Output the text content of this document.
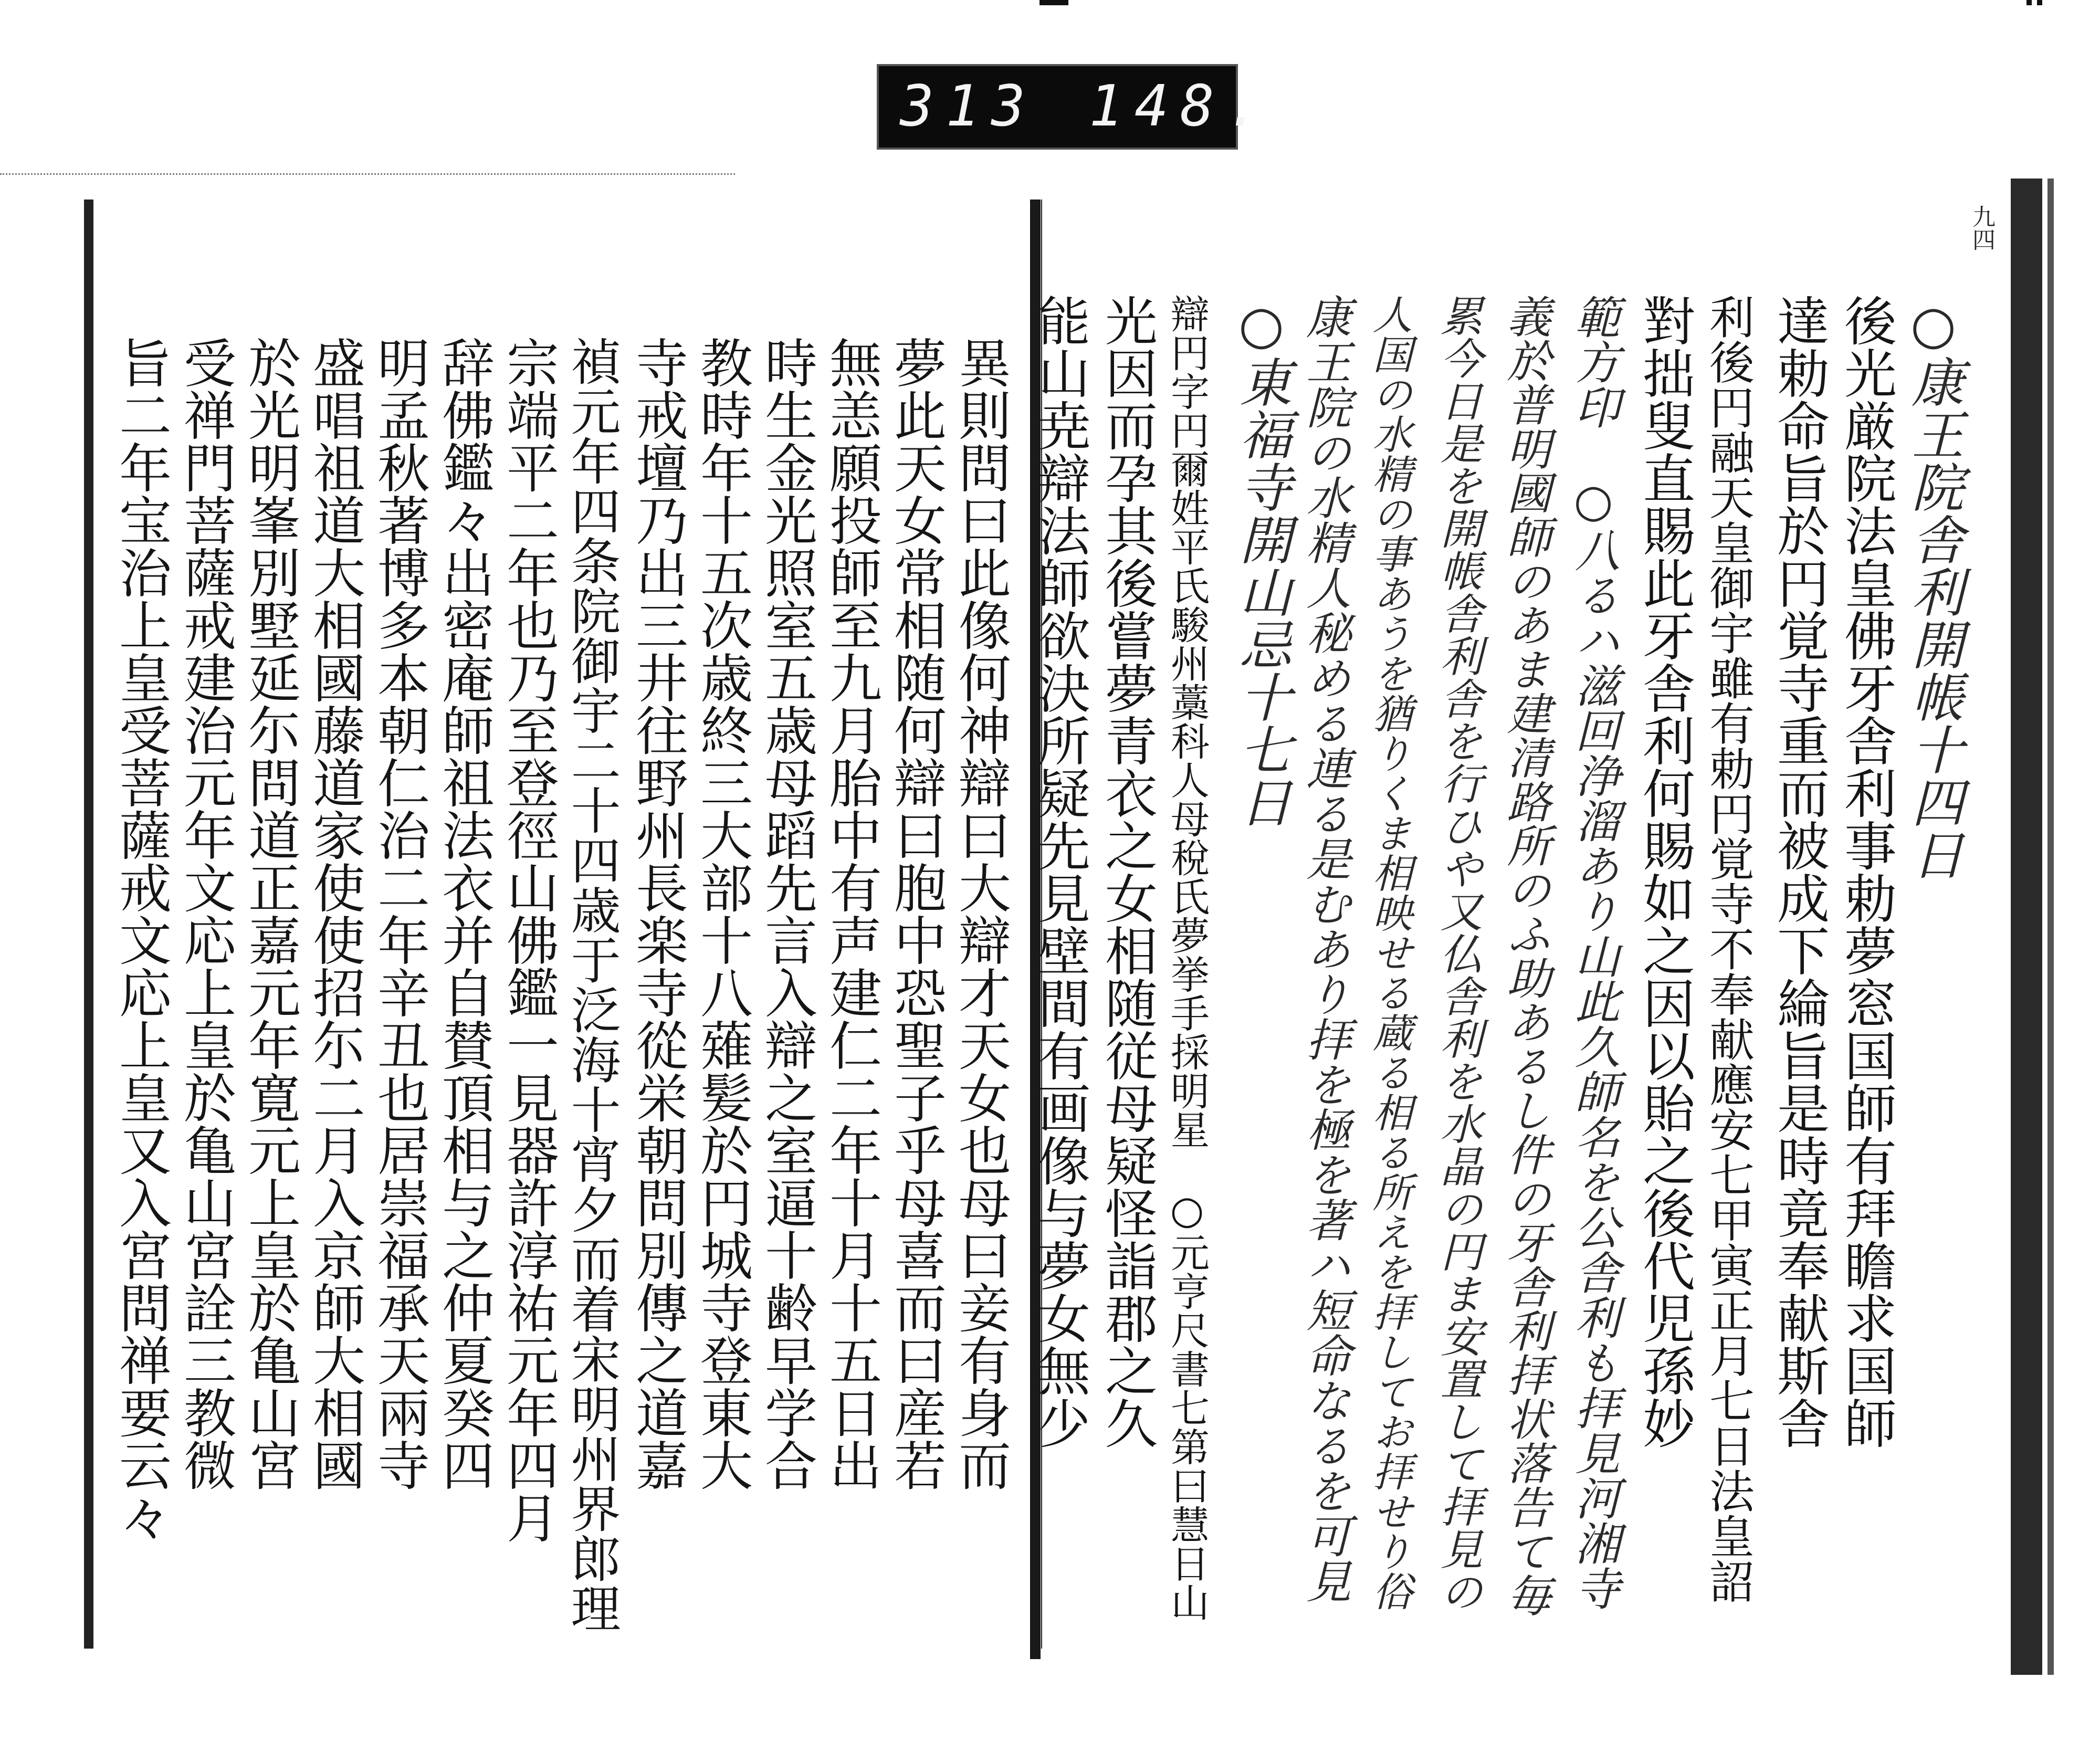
313 148.
九四
○康王院舎利開帳十四日
後光厳院法皇佛牙舎利事勅夢窓国師有拜瞻求国師
達勅命旨於円覚寺重而被成下綸旨是時竟奉献斯舎
利後円融天皇御宇雖有勅円覚寺不奉献應安七甲寅正月七日法皇詔
對拙叟直賜此牙舎利何賜如之因以貽之後代児孫妙
範方印　○八るハ滋回浄溜あり山此久師名を公舎利も拝見河湘寺
義於普明國師のあま建清路所のふ助あるし件の牙舎利拝状落告て毎
累今日是を開帳舎利舎を行ひや又仏舎利を水晶の円ま安置して拝見の
人国の水精の事あうを猶りくま相映せる蔵る相る所えを拝してお拝せり俗
康王院の水精人秘める連る是むあり拝を極を著ハ短命なるを可見
○東福寺開山忌十七日
辯円字円爾姓平氏駿州藁科人母稅氏夢挙手採明星　○元亨尺書七第曰慧日山
光因而孕其後嘗夢青衣之女相随従母疑怪詣郡之久
能山尭辯法師欲決所疑先見壁間有画像与夢女無少
異則問曰此像何神辯曰大辯才天女也母曰妾有身而
夢此天女常相随何辯曰胞中恐聖子乎母喜而曰産若
無恙願投師至九月胎中有声建仁二年十月十五日出
時生金光照室五歳母蹈先言入辯之室逼十齢早学合
教時年十五次歳終三大部十八薙髪於円城寺登東大
寺戒壇乃出三井往野州長楽寺從栄朝問別傳之道嘉
禎元年四条院御宇二十四歳于泛海十宵夕而着宋明州界郎理
宗端平二年也乃至登徑山佛鑑一見器許淳祐元年四月
辞佛鑑々出密庵師祖法衣并自賛頂相与之仲夏癸四
明孟秋著博多本朝仁治二年辛丑也居崇福承天兩寺
盛唱祖道大相國藤道家使使招尓二月入京師大相國
於光明峯別墅延尓問道正嘉元年寛元上皇於亀山宮
受禅門菩薩戒建治元年文応上皇於亀山宮詮三教微
旨二年宝治上皇受菩薩戒文応上皇又入宮問禅要云々
